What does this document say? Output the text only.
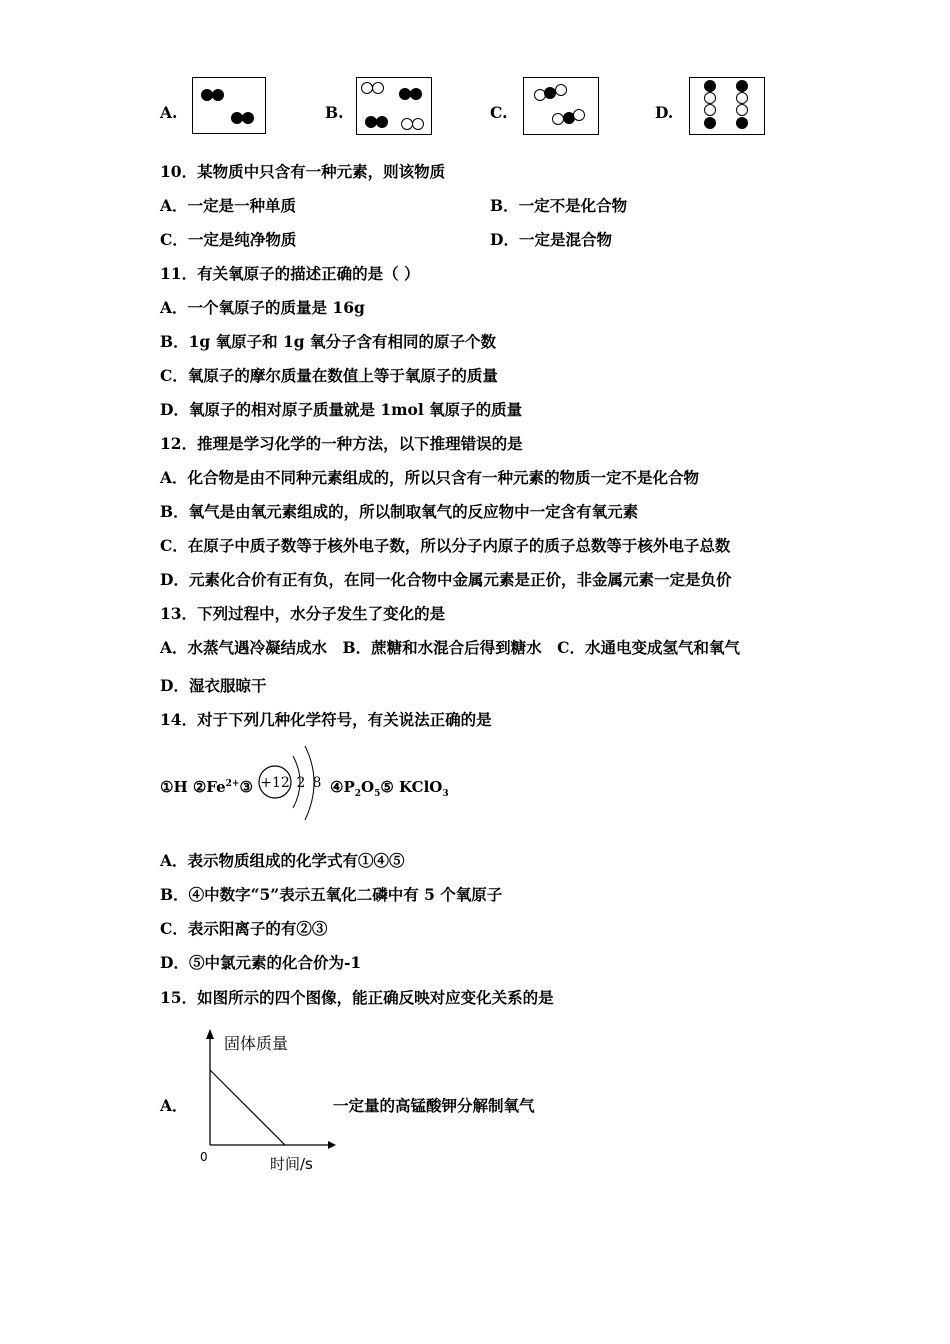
A.	B.	C.	D.
10．某物质中只含有一种元素，则该物质
A．一定是一种单质	B．一定不是化合物
C．一定是纯净物质	D．一定是混合物
11．有关氧原子的描述正确的是（ ）
A．一个氧原子的质量是 16g
B．1g 氧原子和 1g 氧分子含有相同的原子个数
C．氧原子的摩尔质量在数值上等于氧原子的质量
D．氧原子的相对原子质量就是 1mol 氧原子的质量
12．推理是学习化学的一种方法，以下推理错误的是
A．化合物是由不同种元素组成的，所以只含有一种元素的物质一定不是化合物
B．氧气是由氧元素组成的，所以制取氧气的反应物中一定含有氧元素
C．在原子中质子数等于核外电子数，所以分子内原子的质子总数等于核外电子总数
D．元素化合价有正有负，在同一化合物中金属元素是正价，非金属元素一定是负价
13．下列过程中，水分子发生了变化的是
A．水蒸气遇冷凝结成水　B．蔗糖和水混合后得到糖水　C．水通电变成氢气和氧气
D．湿衣服晾干
14．对于下列几种化学符号，有关说法正确的是
①H $②Fe^{2+}③ +12$ 2 8 $④P_2O_5⑤$ KClO$_3$
A．表示物质组成的化学式有①④⑤
B．④中数字“5”表示五氧化二磷中有 5 个氧原子
C．表示阳离子的有②③
D．⑤中氯元素的化合价为-1
15．如图所示的四个图像，能正确反映对应变化关系的是
A．
固体质量
时间/s
0
一定量的高锰酸钾分解制氧气
